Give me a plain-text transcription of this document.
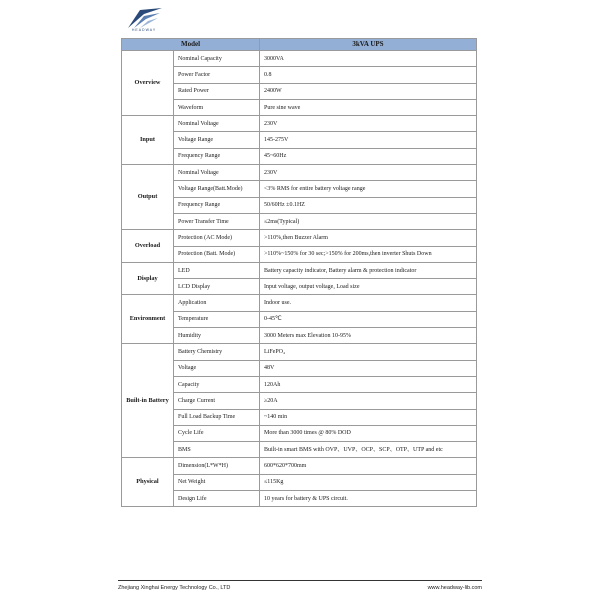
HEADWAY
Model		3kVA UPS
Overview	Nominal Capacity	3000VA
	Power Factor	0.8
	Rated Power	2400W
	Waveform	Pure sine wave
Input	Nominal Voltage	230V
	Voltage Range	145-275V
	Frequency Range	45~60Hz
Output	Nominal Voltage	230V
	Voltage Range(Batt.Mode)	<3% RMS for entire battery voltage range
	Frequency Range	50/60Hz ±0.1HZ
	Power Transfer Time	≤2ms(Typical)
Overload	Protection (AC Mode)	>110%,then Buzzer Alarm
	Protection (Batt. Mode)	>110%~150% for 30 sec;>150% for 200ms,then inverter Shuts Down
Display	LED	Battery capacity indicator, Battery alarm & protection indicator
	LCD Display	Input voltage, output voltage, Load size
Environment	Application	Indoor use.
	Temperature	0-45℃
	Humidity	3000 Meters max Elevation 10-95%
Built-in Battery	Battery Chemistry	LiFePO₄
	Voltage	48V
	Capacity	120Ah
	Charge Current	≥20A
	Full Load Backup Time	~140 min
	Cycle Life	More than 3000 times @ 80% DOD
	BMS	Built-in smart BMS with OVP、UVP、OCP、SCP、OTP、UTP and etc
Physical	Dimension(L*W*H)	600*620*700mm
	Net Weight	≤115Kg
	Design Life	10 years for battery & UPS circuit.
Zhejiang Xinghai Energy Technology Co., LTD	www.headway-lib.com
